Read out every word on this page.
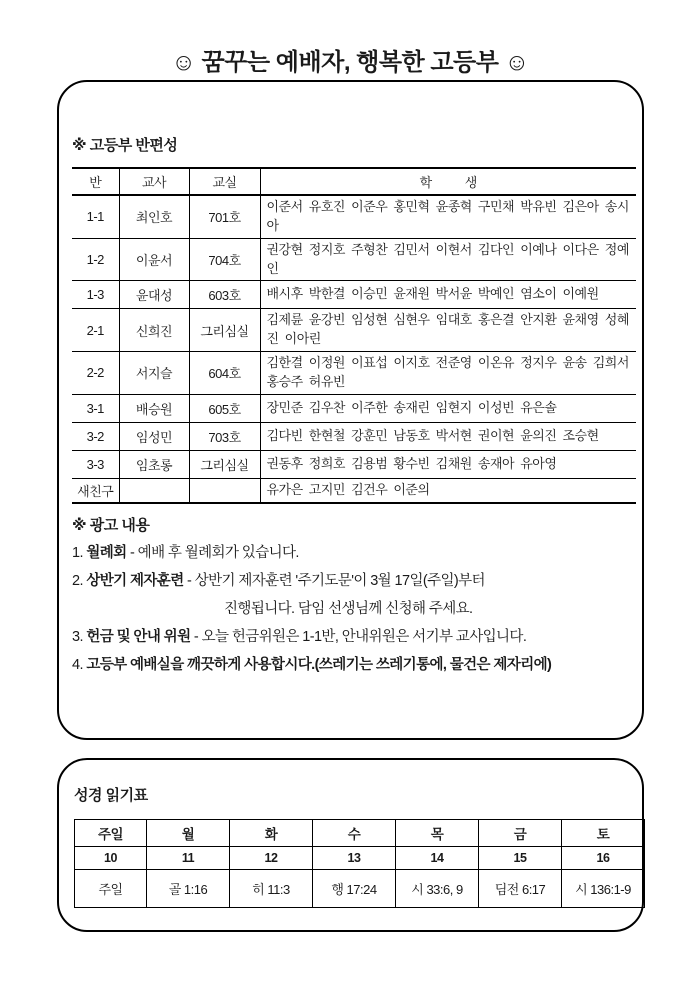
☺ 꿈꾸는 예배자, 행복한 고등부 ☺
※ 고등부 반편성
반	교사	교실	학 생
1-1	최인호	701호	이준서 유호진 이준우 홍민혁 윤종혁 구민채 박유빈 김은아 송시아
1-2	이윤서	704호	권강현 정지호 주형찬 김민서 이현서 김다인 이예나 이다은 정예인
1-3	윤대성	603호	배시후 박한결 이승민 윤재원 박서윤 박예인 염소이 이예원
2-1	신희진	그리심실	김제륜 윤강빈 임성현 심현우 임대호 홍은결 안지환 윤채영 성혜진 이아린
2-2	서지슬	604호	김한결 이정원 이표섭 이지호 전준영 이온유 정지우 윤송 김희서 홍승주 허유빈
3-1	배승원	605호	장민준 김우찬 이주한 송재린 임현지 이성빈 유은솔
3-2	임성민	703호	김다빈 한현철 강훈민 남동호 박서현 권이현 윤의진 조승현
3-3	임초롱	그리심실	권동후 정희호 김용범 황수빈 김채원 송재아 유아영
새친구			유가은 고지민 김건우 이준의
※ 광고 내용
1. 월례회 - 예배 후 월례회가 있습니다.
2. 상반기 제자훈련 - 상반기 제자훈련 '주기도문'이 3월 17일(주일)부터
진행됩니다. 담임 선생님께 신청해 주세요.
3. 헌금 및 안내 위원 - 오늘 헌금위원은 1-1반, 안내위원은 서기부 교사입니다.
4. 고등부 예배실을 깨끗하게 사용합시다.(쓰레기는 쓰레기통에, 물건은 제자리에)
성경 읽기표
주일	월	화	수	목	금	토
10	11	12	13	14	15	16
주일	골 1:16	히 11:3	행 17:24	시 33:6, 9	딤전 6:17	시 136:1-9
